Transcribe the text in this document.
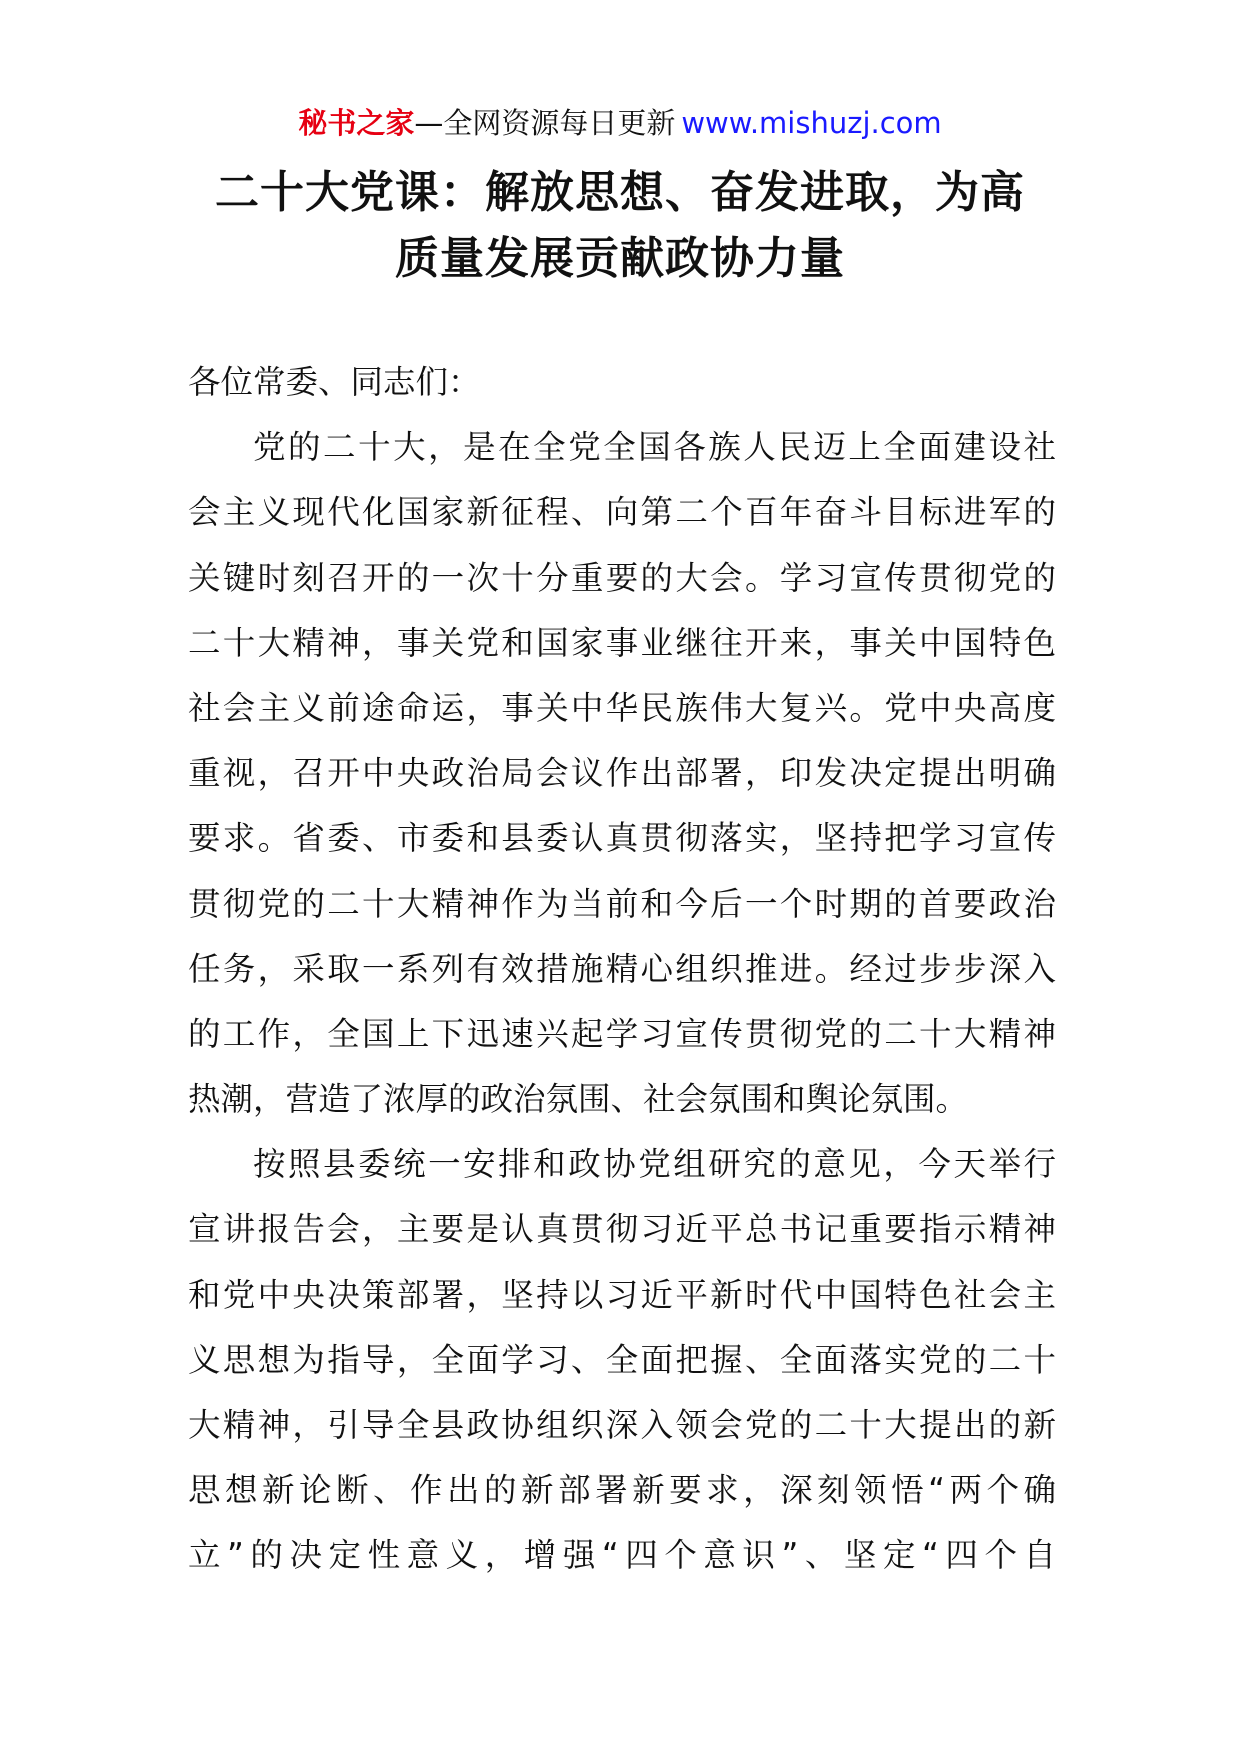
秘书之家—全网资源每日更新 www.mishuzj.com
二十大党课：解放思想、奋发进取，为高
质量发展贡献政协力量
各位常委、同志们：

党的二十大，是在全党全国各族人民迈上全面建设社
会主义现代化国家新征程、向第二个百年奋斗目标进军的
关键时刻召开的一次十分重要的大会。学习宣传贯彻党的
二十大精神，事关党和国家事业继往开来，事关中国特色
社会主义前途命运，事关中华民族伟大复兴。党中央高度
重视，召开中央政治局会议作出部署，印发决定提出明确
要求。省委、市委和县委认真贯彻落实，坚持把学习宣传
贯彻党的二十大精神作为当前和今后一个时期的首要政治
任务，采取一系列有效措施精心组织推进。经过步步深入
的工作，全国上下迅速兴起学习宣传贯彻党的二十大精神
热潮，营造了浓厚的政治氛围、社会氛围和舆论氛围。

按照县委统一安排和政协党组研究的意见，今天举行
宣讲报告会，主要是认真贯彻习近平总书记重要指示精神
和党中央决策部署，坚持以习近平新时代中国特色社会主
义思想为指导，全面学习、全面把握、全面落实党的二十
大精神，引导全县政协组织深入领会党的二十大提出的新
思想新论断、作出的新部署新要求，深刻领悟“两个确
立”的决定性意义，增强“四个意识”、坚定“四个自
